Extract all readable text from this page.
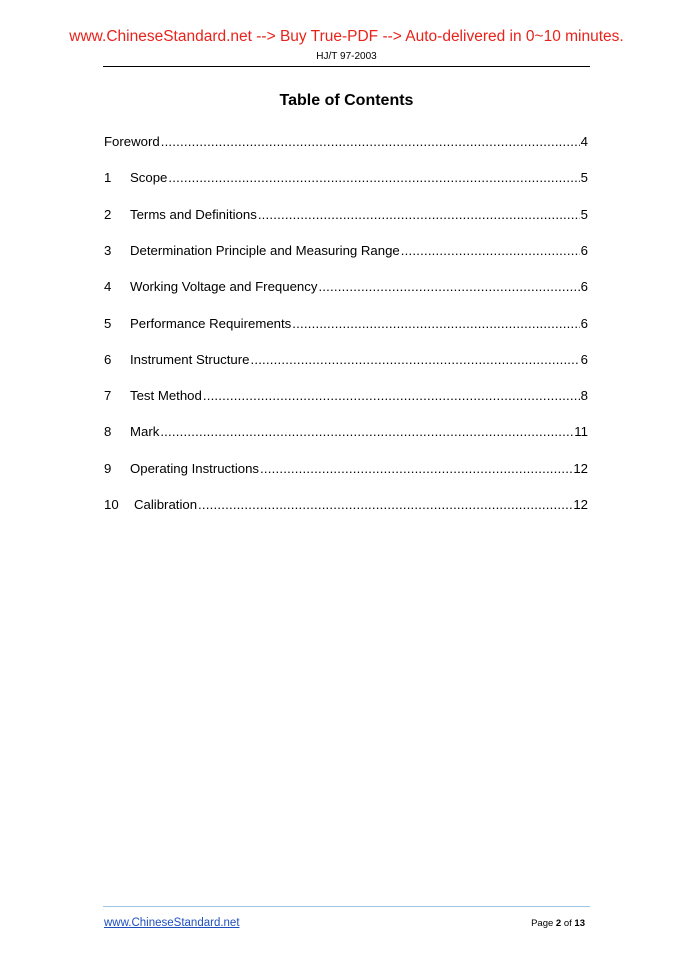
www.ChineseStandard.net --> Buy True-PDF --> Auto-delivered in 0~10 minutes.
HJ/T 97-2003
Table of Contents
Foreword .....	4
1	Scope .....	5
2	Terms and Definitions .....	5
3	Determination Principle and Measuring Range .....	6
4	Working Voltage and Frequency .....	6
5	Performance Requirements .....	6
6	Instrument Structure .....	6
7	Test Method .....	8
8	Mark .....	11
9	Operating Instructions .....	12
10	Calibration .....	12
www.ChineseStandard.net	Page 2 of 13
